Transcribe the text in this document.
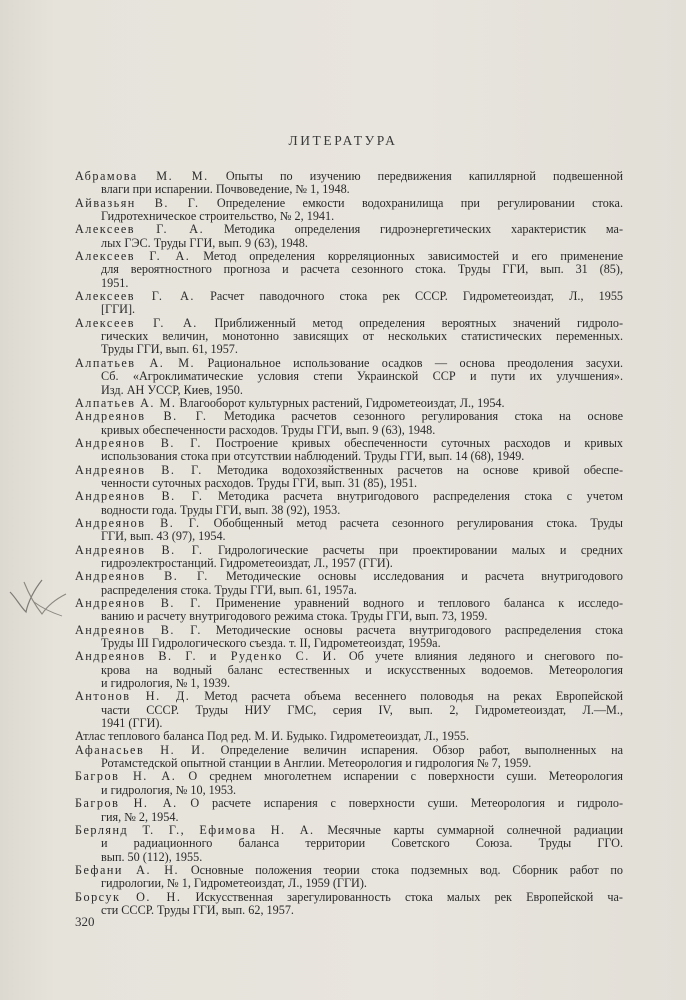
ЛИТЕРАТУРА
Абрамова М. М. Опыты по изучению передвижения капиллярной подвешенной
влаги при испарении. Почвоведение, № 1, 1948.
Айвазьян В. Г. Определение емкости водохранилища при регулировании стока.
Гидротехническое строительство, № 2, 1941.
Алексеев Г. А. Методика определения гидроэнергетических характеристик ма-
лых ГЭС. Труды ГГИ, вып. 9 (63), 1948.
Алексеев Г. А. Метод определения корреляционных зависимостей и его применение
для вероятностного прогноза и расчета сезонного стока. Труды ГГИ, вып. 31 (85),
1951.
Алексеев Г. А. Расчет паводочного стока рек СССР. Гидрометеоиздат, Л., 1955
[ГГИ].
Алексеев Г. А. Приближенный метод определения вероятных значений гидроло-
гических величин, монотонно зависящих от нескольких статистических переменных.
Труды ГГИ, вып. 61, 1957.
Алпатьев А. М. Рациональное использование осадков — основа преодоления засухи.
Сб. «Агроклиматические условия степи Украинской ССР и пути их улучшения».
Изд. АН УССР, Киев, 1950.
Алпатьев А. М. Влагооборот культурных растений, Гидрометеоиздат, Л., 1954.
Андреянов В. Г. Методика расчетов сезонного регулирования стока на основе
кривых обеспеченности расходов. Труды ГГИ, вып. 9 (63), 1948.
Андреянов В. Г. Построение кривых обеспеченности суточных расходов и кривых
использования стока при отсутствии наблюдений. Труды ГГИ, вып. 14 (68), 1949.
Андреянов В. Г. Методика водохозяйственных расчетов на основе кривой обеспе-
ченности суточных расходов. Труды ГГИ, вып. 31 (85), 1951.
Андреянов В. Г. Методика расчета внутригодового распределения стока с учетом
водности года. Труды ГГИ, вып. 38 (92), 1953.
Андреянов В. Г. Обобщенный метод расчета сезонного регулирования стока. Труды
ГГИ, вып. 43 (97), 1954.
Андреянов В. Г. Гидрологические расчеты при проектировании малых и средних
гидроэлектростанций. Гидрометеоиздат, Л., 1957 (ГГИ).
Андреянов В. Г. Методические основы исследования и расчета внутригодового
распределения стока. Труды ГГИ, вып. 61, 1957а.
Андреянов В. Г. Применение уравнений водного и теплового баланса к исследо-
ванию и расчету внутригодового режима стока. Труды ГГИ, вып. 73, 1959.
Андреянов В. Г. Методические основы расчета внутригодового распределения стока
Труды III Гидрологического съезда. т. II, Гидрометеоиздат, 1959а.
Андреянов В. Г. и Руденко С. И. Об учете влияния ледяного и снегового по-
крова на водный баланс естественных и искусственных водоемов. Метеорология
и гидрология, № 1, 1939.
Антонов Н. Д. Метод расчета объема весеннего половодья на реках Европейской
части СССР. Труды НИУ ГМС, серия IV, вып. 2, Гидрометеоиздат, Л.—М.,
1941 (ГГИ).
Атлас теплового баланса Под ред. М. И. Будыко. Гидрометеоиздат, Л., 1955.
Афанасьев Н. И. Определение величин испарения. Обзор работ, выполненных на
Ротамстедской опытной станции в Англии. Метеорология и гидрология № 7, 1959.
Багров Н. А. О среднем многолетнем испарении с поверхности суши. Метеорология
и гидрология, № 10, 1953.
Багров Н. А. О расчете испарения с поверхности суши. Метеорология и гидроло-
гия, № 2, 1954.
Берлянд Т. Г., Ефимова Н. А. Месячные карты суммарной солнечной радиации
и радиационного баланса территории Советского Союза. Труды ГГО.
вып. 50 (112), 1955.
Бефани А. Н. Основные положения теории стока подземных вод. Сборник работ по
гидрологии, № 1, Гидрометеоиздат, Л., 1959 (ГГИ).
Борсук О. Н. Искусственная зарегулированность стока малых рек Европейской ча-
сти СССР. Труды ГГИ, вып. 62, 1957.
320
